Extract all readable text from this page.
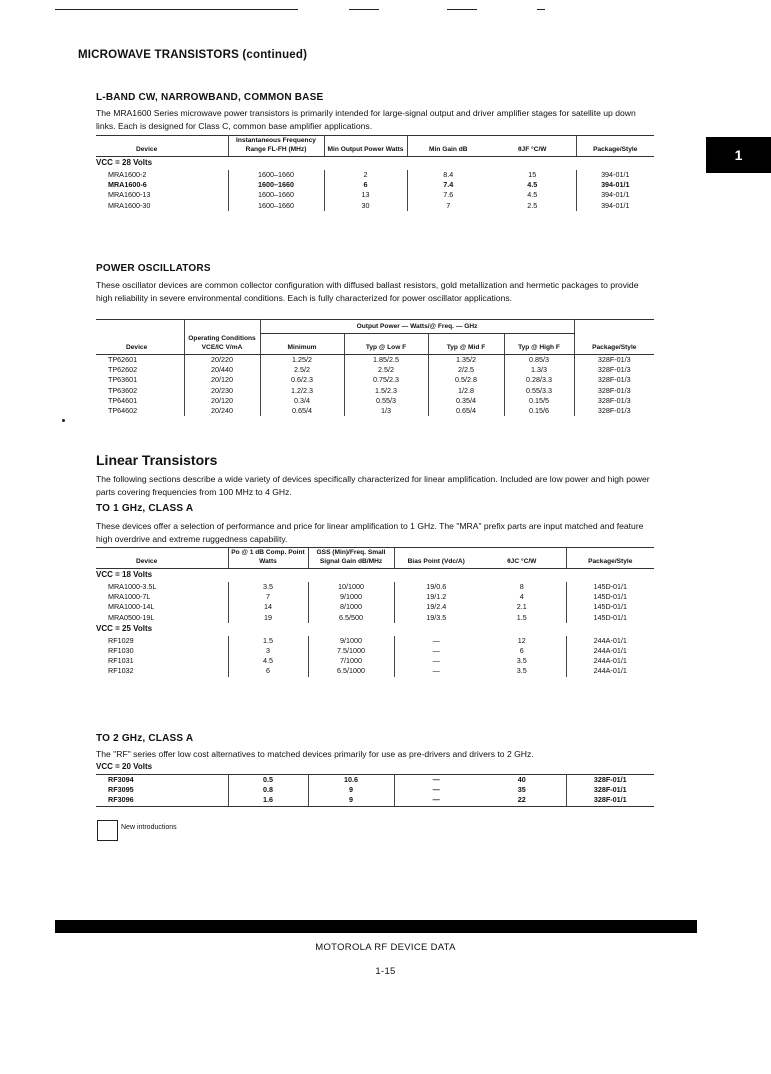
1
MICROWAVE TRANSISTORS (continued)
L-BAND CW, NARROWBAND, COMMON BASE
The MRA1600 Series microwave power transistors is primarily intended for large-signal output and driver amplifier stages for satellite up down links. Each is designed for Class C, common base amplifier applications.
Device	Instantaneous Frequency Range FL-FH (MHz)	Min Output Power Watts	Min Gain dB	θJF °C/W	Package/Style
VCC = 28 Volts					
MRA1600-2	1600–1660	2	8.4	15	394-01/1
MRA1600-6	1600–1660	6	7.4	4.5	394-01/1
MRA1600-13	1600–1660	13	7.6	4.5	394-01/1
MRA1600-30	1600–1660	30	7	2.5	394-01/1
POWER OSCILLATORS
These oscillator devices are common collector configuration with diffused ballast resistors, gold metallization and hermetic packages to provide high reliability in severe environmental conditions. Each is fully characterized for power oscillator applications.
Device	Operating Conditions VCE/IC V/mA	Output Power — Watts/@ Freq. — GHz				Package/Style
		Minimum	Typ @ Low F	Typ @ Mid F	Typ @ High F	
TP62601	20/220	1.25/2	1.85/2.5	1.35/2	0.85/3	328F-01/3
TP62602	20/440	2.5/2	2.5/2	2/2.5	1.3/3	328F-01/3
TP63601	20/120	0.6/2.3	0.75/2.3	0.5/2.8	0.28/3.3	328F-01/3
TP63602	20/230	1.2/2.3	1.5/2.3	1/2.8	0.55/3.3	328F-01/3
TP64601	20/120	0.3/4	0.55/3	0.35/4	0.15/5	328F-01/3
TP64602	20/240	0.65/4	1/3	0.65/4	0.15/6	328F-01/3
Linear Transistors
The following sections describe a wide variety of devices specifically characterized for linear amplification. Included are low power and high power parts covering frequencies from 100 MHz to 4 GHz.
TO 1 GHz, CLASS A
These devices offer a selection of performance and price for linear amplification to 1 GHz. The "MRA" prefix parts are input matched and feature high overdrive and extreme ruggedness capability.
Device	Po @ 1 dB Comp. Point Watts	GSS (Min)/Freq. Small Signal Gain dB/MHz	Bias Point (Vdc/A)	θJC °C/W	Package/Style
VCC = 18 Volts					
MRA1000-3.5L	3.5	10/1000	19/0.6	8	145D-01/1
MRA1000-7L	7	9/1000	19/1.2	4	145D-01/1
MRA1000-14L	14	8/1000	19/2.4	2.1	145D-01/1
MRA0500-19L	19	6.5/500	19/3.5	1.5	145D-01/1
VCC = 25 Volts					
RF1029	1.5	9/1000	—	12	244A-01/1
RF1030	3	7.5/1000	—	6	244A-01/1
RF1031	4.5	7/1000	—	3.5	244A-01/1
RF1032	6	6.5/1000	—	3.5	244A-01/1
TO 2 GHz, CLASS A
The "RF" series offer low cost alternatives to matched devices primarily for use as pre-drivers and drivers to 2 GHz.
VCC = 20 Volts					
RF3094	0.5	10.6	—	40	328F-01/1
RF3095	0.8	9	—	35	328F-01/1
RF3096	1.6	9	—	22	328F-01/1
New introductions
MOTOROLA RF DEVICE DATA
1-15
